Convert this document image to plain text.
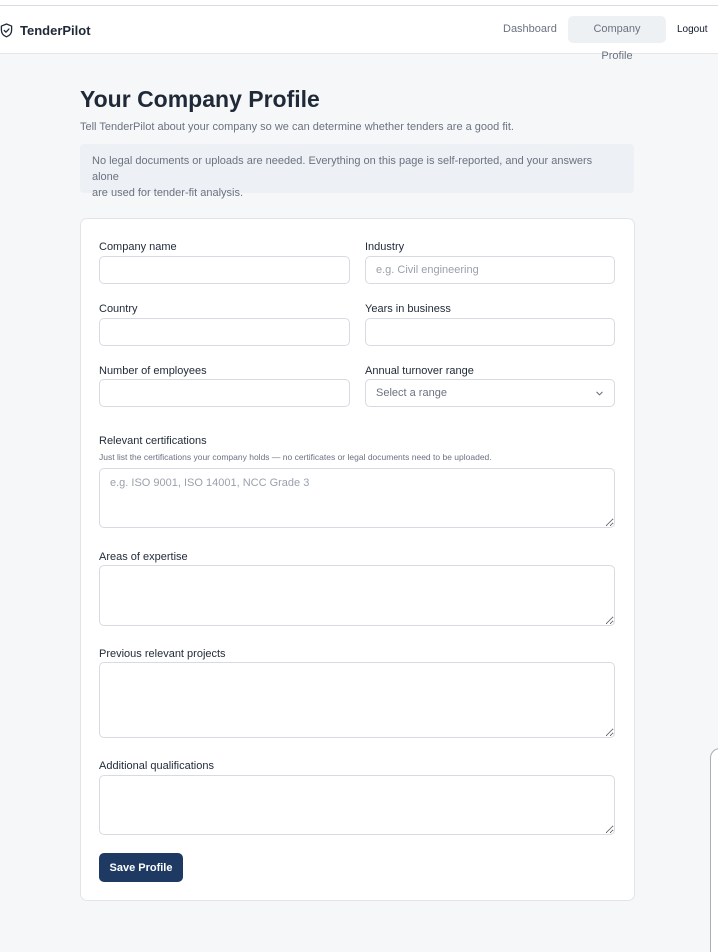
TenderPilot	Dashboard	Company Profile
Logout
Your Company Profile

Tell TenderPilot about your company so we can determine whether tenders are a good fit.

No legal documents or uploads are needed. Everything on this page is self-reported, and your answers alone
are used for tender-fit analysis.
Company name	Industry
e.g. Civil engineering
Country	Years in business
Number of employees	Annual turnover range
Select a range
Relevant certifications
Just list the certifications your company holds — no certificates or legal documents need to be uploaded.
e.g. ISO 9001, ISO 14001, NCC Grade 3
Areas of expertise
Previous relevant projects
Additional qualifications
Save Profile
